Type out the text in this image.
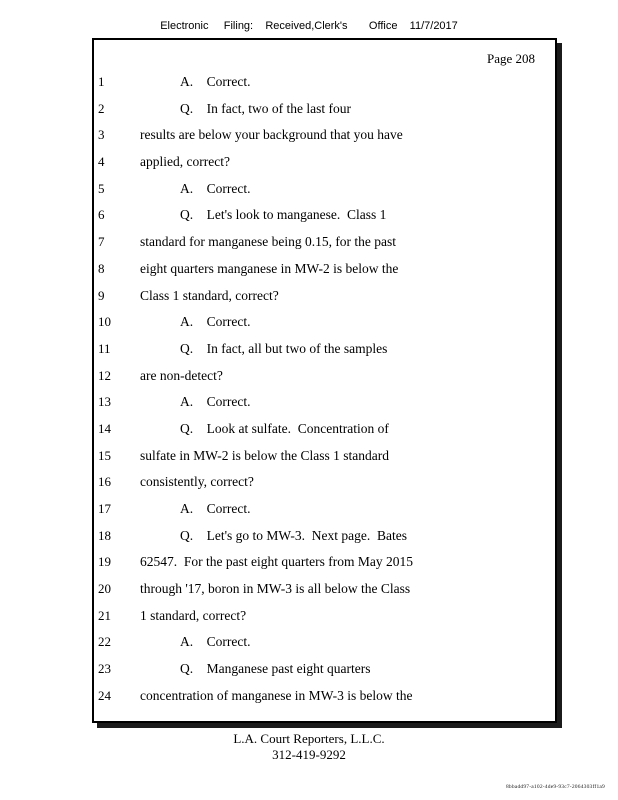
Electronic     Filing:    Received,Clerk's       Office    11/7/2017
Page 208
1	A.    Correct.
2	Q.    In fact, two of the last four
3	results are below your background that you have
4	applied, correct?
5	A.    Correct.
6	Q.    Let's look to manganese.  Class 1
7	standard for manganese being 0.15, for the past
8	eight quarters manganese in MW-2 is below the
9	Class 1 standard, correct?
10	A.    Correct.
11	Q.    In fact, all but two of the samples
12	are non-detect?
13	A.    Correct.
14	Q.    Look at sulfate.  Concentration of
15	sulfate in MW-2 is below the Class 1 standard
16	consistently, correct?
17	A.    Correct.
18	Q.    Let's go to MW-3.  Next page.  Bates
19	62547.  For the past eight quarters from May 2015
20	through '17, boron in MW-3 is all below the Class
21	1 standard, correct?
22	A.    Correct.
23	Q.    Manganese past eight quarters
24	concentration of manganese in MW-3 is below the
L.A. Court Reporters, L.L.C.
312-419-9292
8bbadd97-a102-4de9-93c7-2064303ff1a9
